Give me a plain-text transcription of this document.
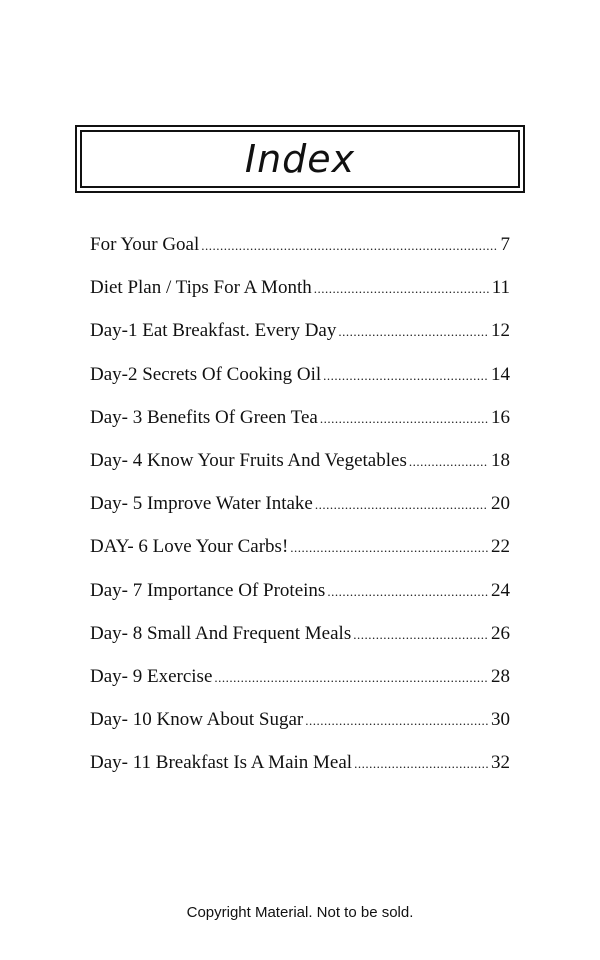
Index
For Your Goal .....	7
Diet Plan / Tips For A Month .....	11
Day-1 Eat Breakfast. Every Day .....	12
Day-2 Secrets Of Cooking Oil .....	14
Day- 3 Benefits Of Green Tea .....	16
Day- 4 Know Your Fruits And Vegetables .....	18
Day- 5 Improve Water Intake .....	20
DAY- 6 Love Your Carbs! .....	22
Day- 7 Importance Of Proteins .....	24
Day- 8 Small And Frequent Meals .....	26
Day- 9 Exercise .....	28
Day- 10 Know About Sugar .....	30
Day- 11 Breakfast Is A Main Meal .....	32
Copyright Material. Not to be sold.
